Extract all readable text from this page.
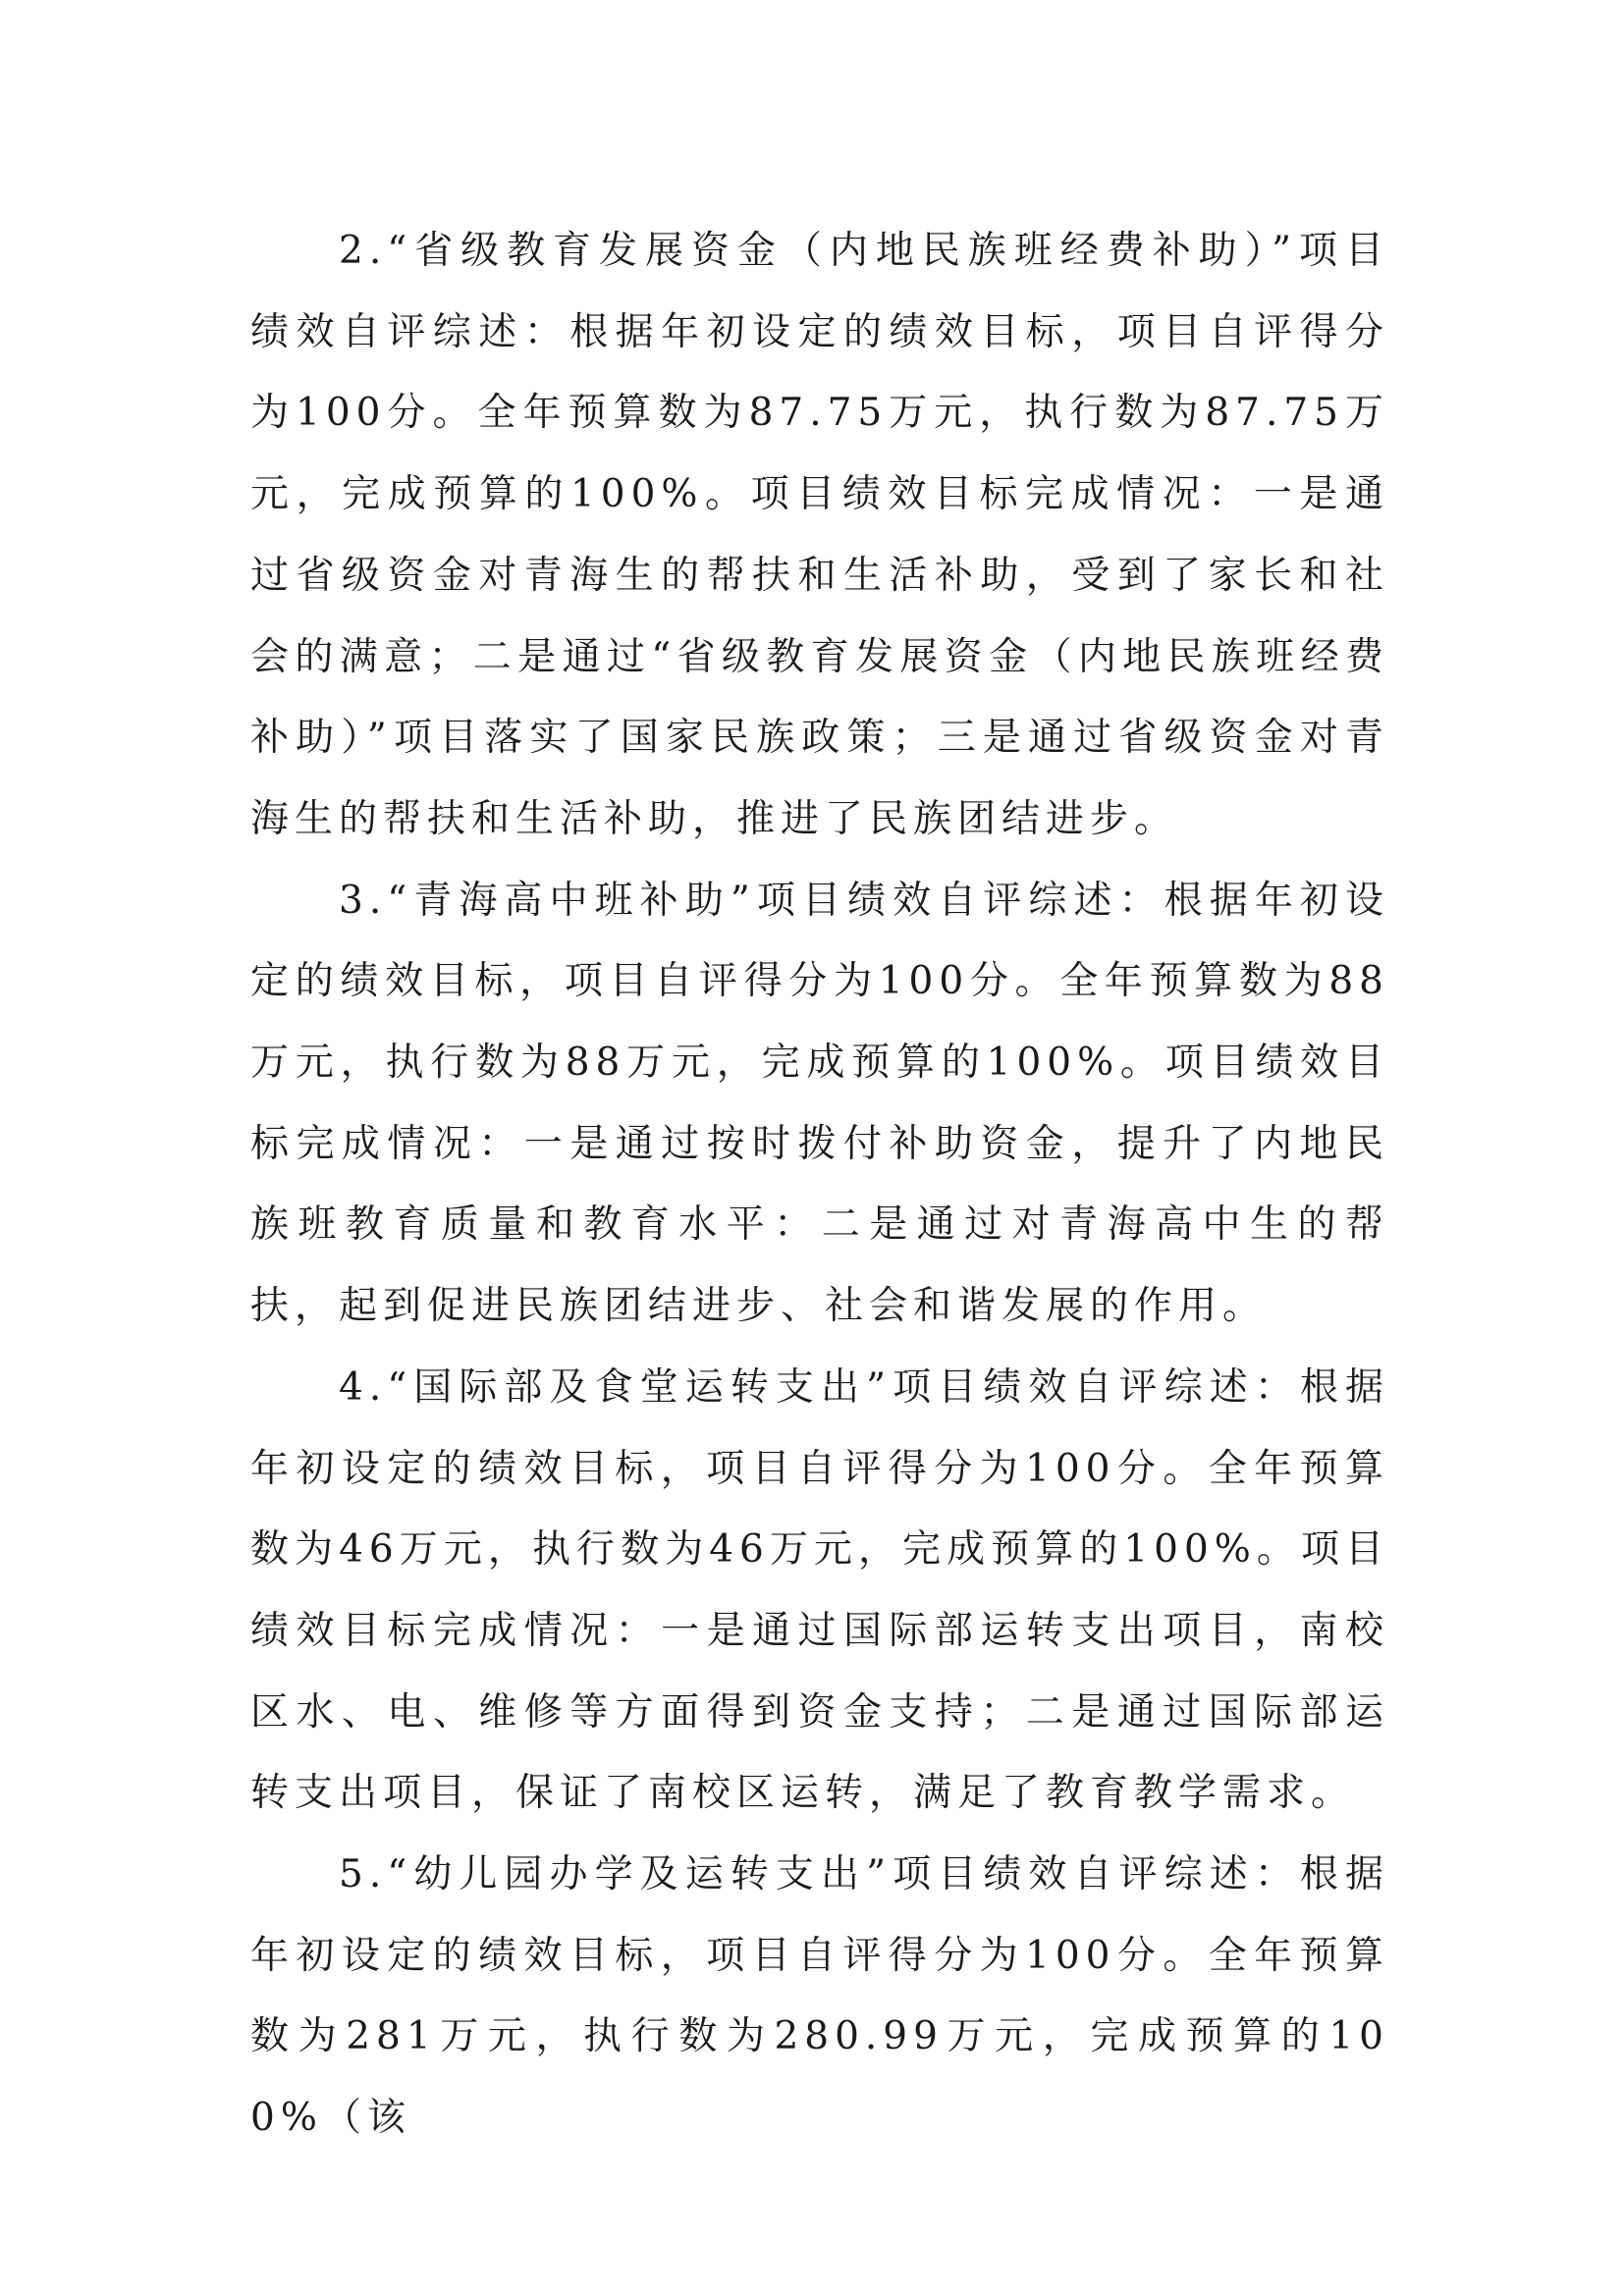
2.“省级教育发展资金（内地民族班经费补助）”项目绩效自评综述：根据年初设定的绩效目标，项目自评得分为100分。全年预算数为87.75万元，执行数为87.75万元，完成预算的100%。项目绩效目标完成情况：一是通过省级资金对青海生的帮扶和生活补助，受到了家长和社会的满意；二是通过“省级教育发展资金（内地民族班经费补助）”项目落实了国家民族政策；三是通过省级资金对青海生的帮扶和生活补助，推进了民族团结进步。

3.“青海高中班补助”项目绩效自评综述：根据年初设定的绩效目标，项目自评得分为100分。全年预算数为88万元，执行数为88万元，完成预算的100%。项目绩效目标完成情况：一是通过按时拨付补助资金，提升了内地民族班教育质量和教育水平：二是通过对青海高中生的帮扶，起到促进民族团结进步、社会和谐发展的作用。

4.“国际部及食堂运转支出”项目绩效自评综述：根据年初设定的绩效目标，项目自评得分为100分。全年预算数为46万元，执行数为46万元，完成预算的100%。项目绩效目标完成情况：一是通过国际部运转支出项目，南校区水、电、维修等方面得到资金支持；二是通过国际部运转支出项目，保证了南校区运转，满足了教育教学需求。

5.“幼儿园办学及运转支出”项目绩效自评综述：根据年初设定的绩效目标，项目自评得分为100分。全年预算数为281万元，执行数为280.99万元，完成预算的100%（该
